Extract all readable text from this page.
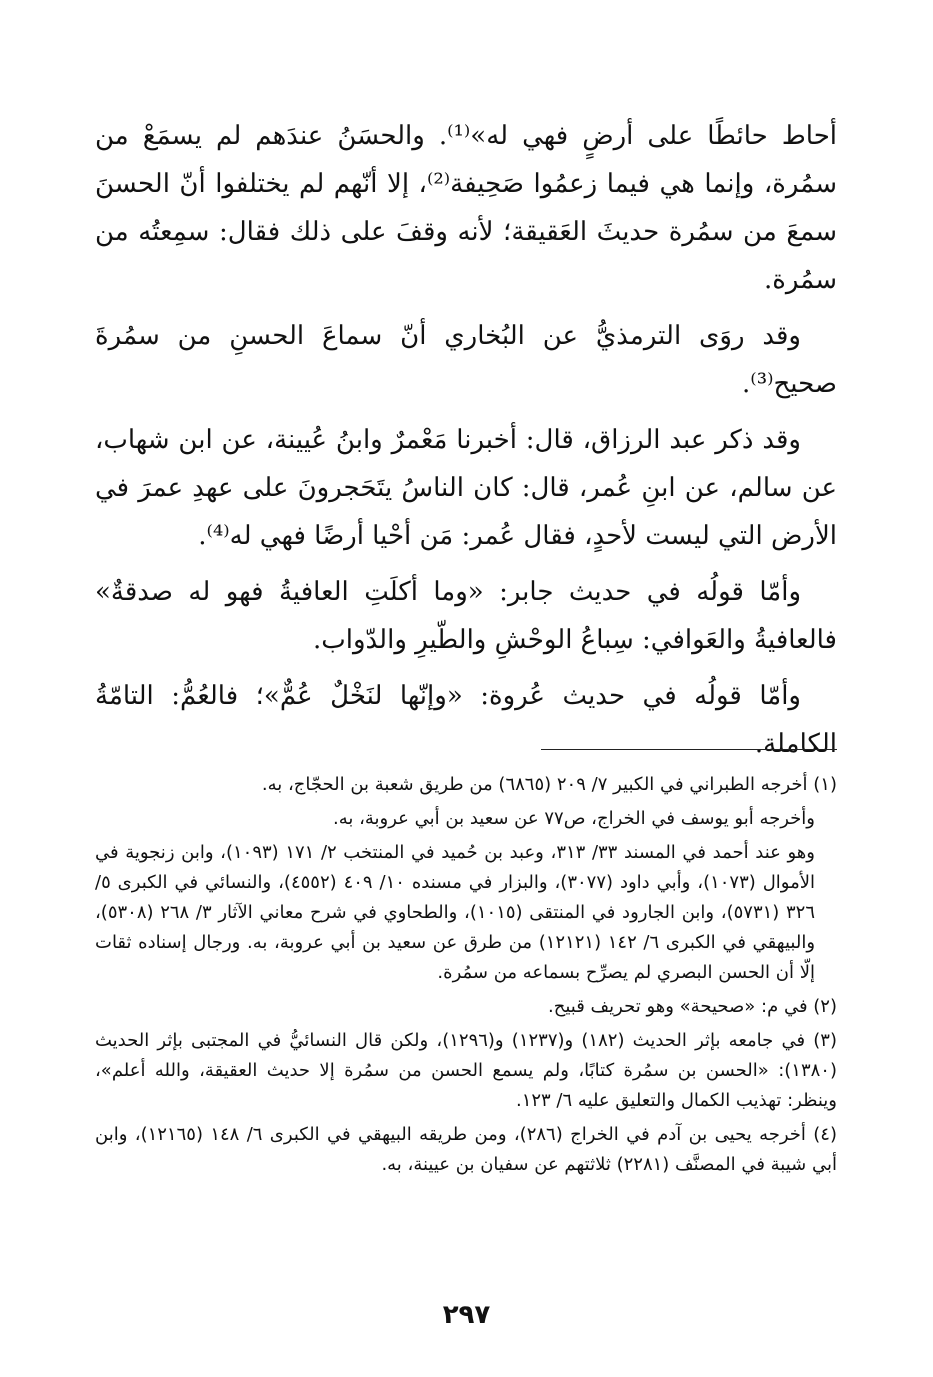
أحاط حائطًا على أرضٍ فهي له»⁽¹⁾. والحسَنُ عندَهم لم يسمَعْ من سمُرة، وإنما هي فيما زعمُوا صَحِيفة⁽²⁾، إلا أنّهم لم يختلفوا أنّ الحسنَ سمعَ من سمُرة حديثَ العَقيقة؛ لأنه وقفَ على ذلك فقال: سمِعتُه من سمُرة.

وقد روَى الترمذيُّ عن البُخاري أنّ سماعَ الحسنِ من سمُرةَ صحيح⁽³⁾.

وقد ذكر عبد الرزاق، قال: أخبرنا مَعْمرٌ وابنُ عُيينة، عن ابن شهاب، عن سالم، عن ابنِ عُمر، قال: كان الناسُ يتَحَجرونَ على عهدِ عمرَ في الأرض التي ليست لأحدٍ، فقال عُمر: مَن أحْيا أرضًا فهي له⁽⁴⁾.

وأمّا قولُه في حديث جابر: «وما أكلَتِ العافيةُ فهو له صدقةٌ» فالعافيةُ والعَوافي: سِباعُ الوحْشِ والطّيرِ والدّواب.

وأمّا قولُه في حديث عُروة: «وإنّها لنَخْلٌ عُمٌّ»؛ فالعُمُّ: التامّةُ الكاملة.

(١) أخرجه الطبراني في الكبير ٧/ ٢٠٩ (٦٨٦٥) من طريق شعبة بن الحجّاج، به.

وأخرجه أبو يوسف في الخراج، ص٧٧ عن سعيد بن أبي عروبة، به.

وهو عند أحمد في المسند ٣٣/ ٣١٣، وعبد بن حُميد في المنتخب ٢/ ١٧١ (١٠٩٣)، وابن زنجوية في الأموال (١٠٧٣)، وأبي داود (٣٠٧٧)، والبزار في مسنده ١٠/ ٤٠٩ (٤٥٥٢)، والنسائي في الكبرى ٥/ ٣٢٦ (٥٧٣١)، وابن الجارود في المنتقى (١٠١٥)، والطحاوي في شرح معاني الآثار ٣/ ٢٦٨ (٥٣٠٨)، والبيهقي في الكبرى ٦/ ١٤٢ (١٢١٢١) من طرق عن سعيد بن أبي عروبة، به. ورجال إسناده ثقات إلّا أن الحسن البصري لم يصرِّح بسماعه من سمُرة.

(٢) في م: «صحيحة» وهو تحريف قبيح.

(٣) في جامعه بإثر الحديث (١٨٢) و(١٢٣٧) و(١٢٩٦)، ولكن قال النسائيُّ في المجتبى بإثر الحديث (١٣٨٠): «الحسن بن سمُرة كتابًا، ولم يسمع الحسن من سمُرة إلا حديث العقيقة، والله أعلم»، وينظر: تهذيب الكمال والتعليق عليه ٦/ ١٢٣.

(٤) أخرجه يحيى بن آدم في الخراج (٢٨٦)، ومن طريقه البيهقي في الكبرى ٦/ ١٤٨ (١٢١٦٥)، وابن أبي شيبة في المصنَّف (٢٢٨١) ثلاثتهم عن سفيان بن عيينة، به.

٢٩٧
